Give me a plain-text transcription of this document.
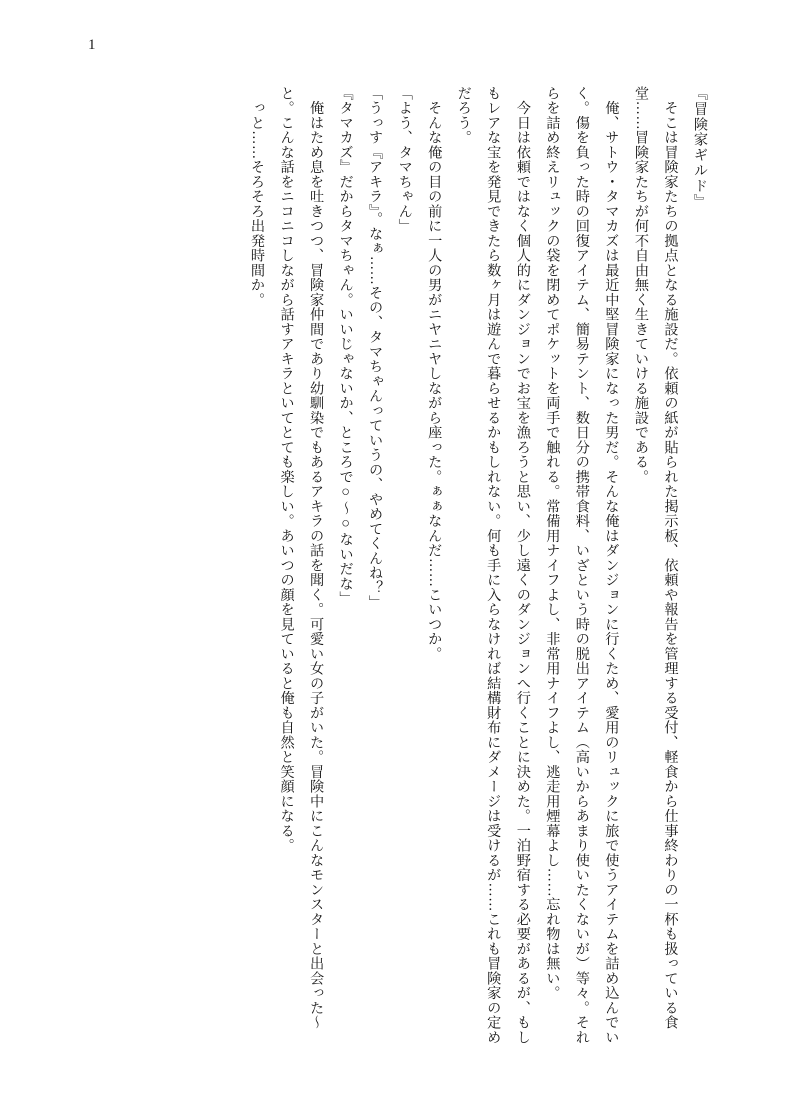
1
『冒険家ギルド』
　そこは冒険家たちの拠点となる施設だ。依頼の紙が貼られた掲示板、依頼や報告を管理する受付、軽食から仕事終わりの一杯も扱っている食堂……冒険家たちが何不自由無く生きていける施設である。
　俺、サトウ・タマカズは最近中堅冒険家になった男だ。そんな俺はダンジョンに行くため、愛用のリュックに旅で使うアイテムを詰め込んでいく。傷を負った時の回復アイテム、簡易テント、数日分の携帯食料、いざという時の脱出アイテム（高いからあまり使いたくないが）等々。それらを詰め終えリュックの袋を閉めてポケットを両手で触れる。常備用ナイフよし、非常用ナイフよし、逃走用煙幕よし……忘れ物は無い。
　今日は依頼ではなく個人的にダンジョンでお宝を漁ろうと思い、少し遠くのダンジョンへ行くことに決めた。一泊野宿する必要があるが、もしもレアな宝を発見できたら数ヶ月は遊んで暮らせるかもしれない。何も手に入らなければ結構財布にダメージは受けるが……これも冒険家の定めだろう。
　そんな俺の目の前に一人の男がニヤニヤしながら座った。ぁぁなんだ……こいつか。
「よう、タマちゃん」
「うっす『アキラ』。なぁ……その、タマちゃんっていうの、やめてくんね？」
『タマカズ』だからタマちゃん。いいじゃないか、ところで○～○ないだな」
　俺はため息を吐きつつ、冒険家仲間であり幼馴染でもあるアキラの話を聞く。可愛い女の子がいた。冒険中にこんなモンスターと出会った～と。こんな話をニコニコしながら話すアキラといてとても楽しい。あいつの顔を見ていると俺も自然と笑顔になる。
　っと……そろそろ出発時間か。
